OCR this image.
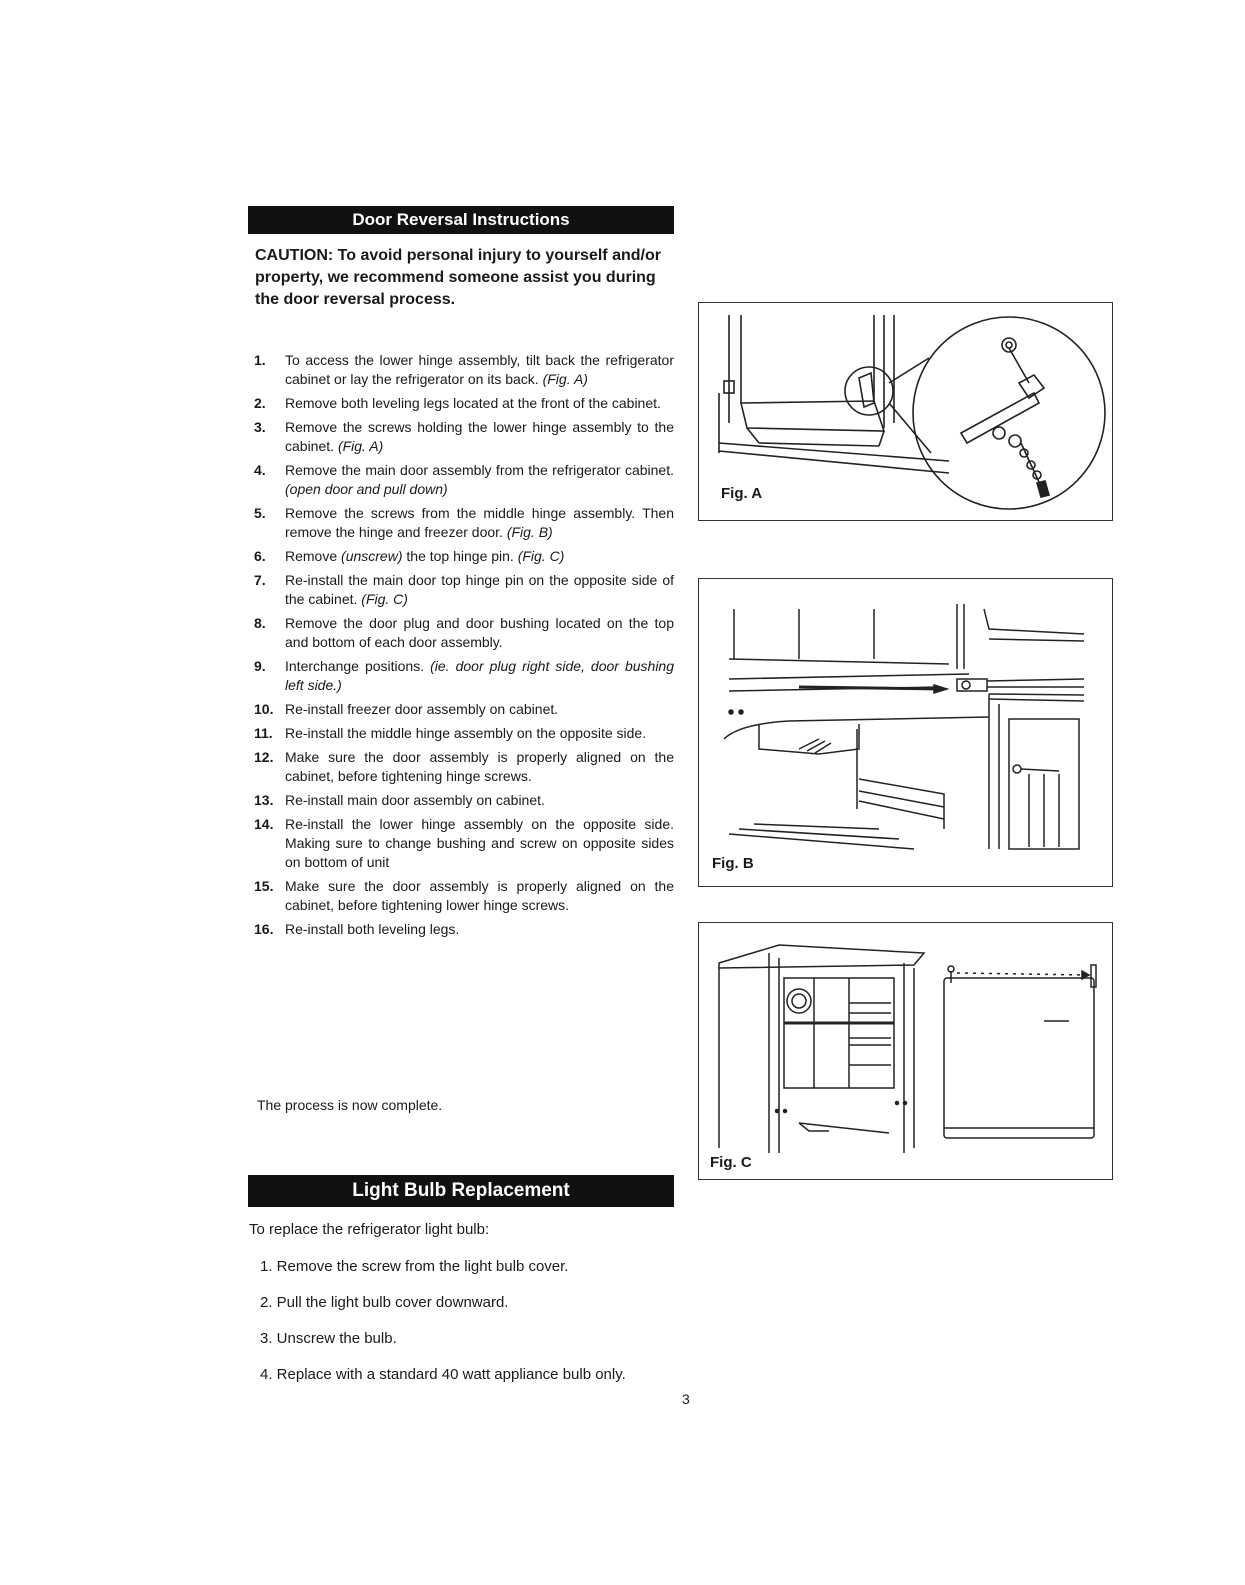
Door Reversal Instructions
CAUTION: To avoid personal injury to yourself and/or property, we recommend someone assist you during the door reversal process.
1. To access the lower hinge assembly, tilt back the refrigerator cabinet or lay the refrigerator on its back. (Fig. A)
2. Remove both leveling legs located at the front of the cabinet.
3. Remove the screws holding the lower hinge assembly to the cabinet. (Fig. A)
4. Remove the main door assembly from the refrigerator cabinet. (open door and pull down)
5. Remove the screws from the middle hinge assembly. Then remove the hinge and freezer door. (Fig. B)
6. Remove (unscrew) the top hinge pin. (Fig. C)
7. Re-install the main door top hinge pin on the opposite side of the cabinet. (Fig. C)
8. Remove the door plug and door bushing located on the top and bottom of each door assembly.
9. Interchange positions. (ie. door plug right side, door bushing left side.)
10. Re-install freezer door assembly on cabinet.
11. Re-install the middle hinge assembly on the opposite side.
12. Make sure the door assembly is properly aligned on the cabinet, before tightening hinge screws.
13. Re-install main door assembly on cabinet.
14. Re-install the lower hinge assembly on the opposite side. Making sure to change bushing and screw on opposite sides on bottom of unit
15. Make sure the door assembly is properly aligned on the cabinet, before tightening lower hinge screws.
16. Re-install both leveling legs.
The process is now complete.
Fig. A
Fig. B
Fig. C
Light Bulb Replacement
To replace the refrigerator light bulb:
1. Remove the screw from the light bulb cover.
2. Pull the light bulb cover downward.
3. Unscrew the bulb.
4. Replace with a standard 40 watt appliance bulb only.
3
